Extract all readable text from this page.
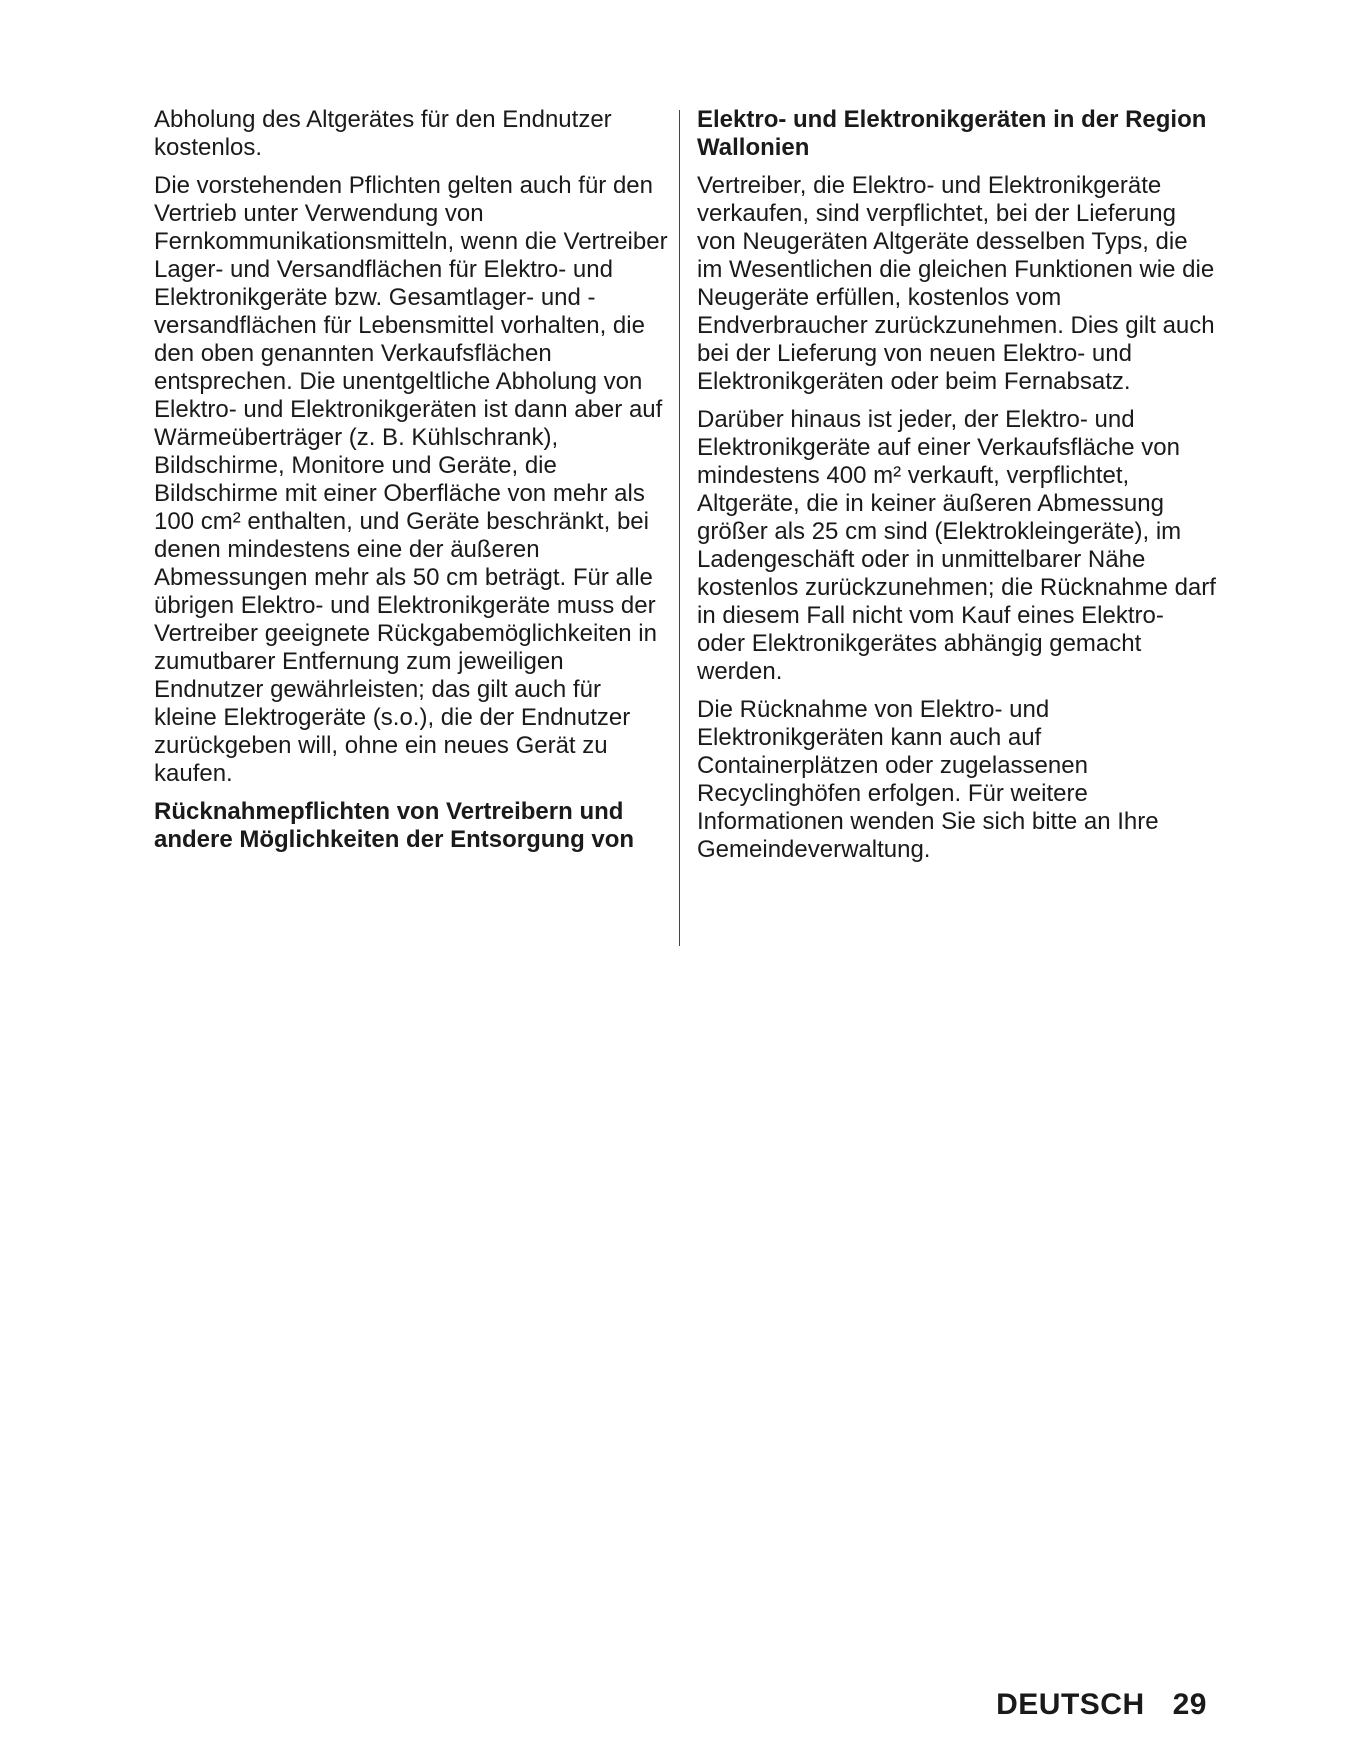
Abholung des Altgerätes für den Endnutzer kostenlos.

Die vorstehenden Pflichten gelten auch für den Vertrieb unter Verwendung von Fernkommunikationsmitteln, wenn die Vertreiber Lager- und Versandflächen für Elektro- und Elektronikgeräte bzw. Gesamtlager- und -versandflächen für Lebensmittel vorhalten, die den oben genannten Verkaufsflächen entsprechen. Die unentgeltliche Abholung von Elektro- und Elektronikgeräten ist dann aber auf Wärmeüberträger (z. B. Kühlschrank), Bildschirme, Monitore und Geräte, die Bildschirme mit einer Oberfläche von mehr als 100 cm² enthalten, und Geräte beschränkt, bei denen mindestens eine der äußeren Abmessungen mehr als 50 cm beträgt. Für alle übrigen Elektro- und Elektronikgeräte muss der Vertreiber geeignete Rückgabemöglichkeiten in zumutbarer Entfernung zum jeweiligen Endnutzer gewährleisten; das gilt auch für kleine Elektrogeräte (s.o.), die der Endnutzer zurückgeben will, ohne ein neues Gerät zu kaufen.

Rücknahmepflichten von Vertreibern und andere Möglichkeiten der Entsorgung von
Elektro- und Elektronikgeräten in der Region Wallonien

Vertreiber, die Elektro- und Elektronikgeräte verkaufen, sind verpflichtet, bei der Lieferung von Neugeräten Altgeräte desselben Typs, die im Wesentlichen die gleichen Funktionen wie die Neugeräte erfüllen, kostenlos vom Endverbraucher zurückzunehmen. Dies gilt auch bei der Lieferung von neuen Elektro- und Elektronikgeräten oder beim Fernabsatz.

Darüber hinaus ist jeder, der Elektro- und Elektronikgeräte auf einer Verkaufsfläche von mindestens 400 m² verkauft, verpflichtet, Altgeräte, die in keiner äußeren Abmessung größer als 25 cm sind (Elektrokleingeräte), im Ladengeschäft oder in unmittelbarer Nähe kostenlos zurückzunehmen; die Rücknahme darf in diesem Fall nicht vom Kauf eines Elektro- oder Elektronikgerätes abhängig gemacht werden.

Die Rücknahme von Elektro- und Elektronikgeräten kann auch auf Containerplätzen oder zugelassenen Recyclinghöfen erfolgen. Für weitere Informationen wenden Sie sich bitte an Ihre Gemeindeverwaltung.

DEUTSCH 29
